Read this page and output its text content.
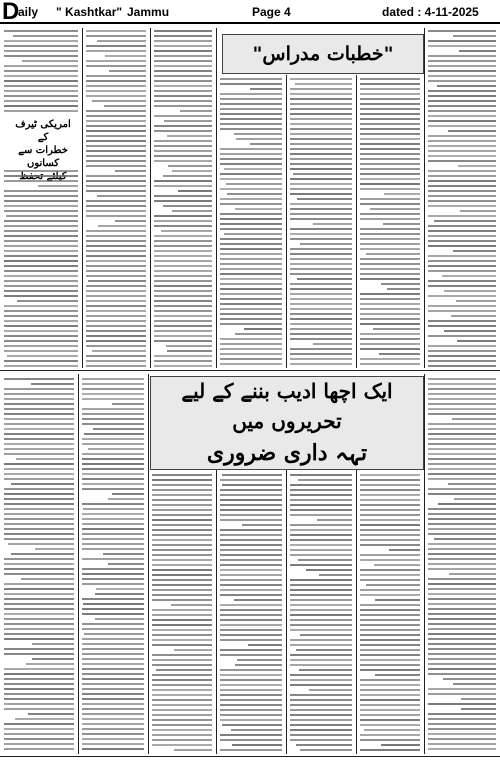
D
aily " Kashtkar" Jammu	Page 4	dated : 4-11-2025
امریکی ٹیرف کے
خطرات سے کسانوں
"خطبات مدراس"
ایک اچھا ادیب بننے کے لیے تحریروں میں
تہہ داری ضروری
